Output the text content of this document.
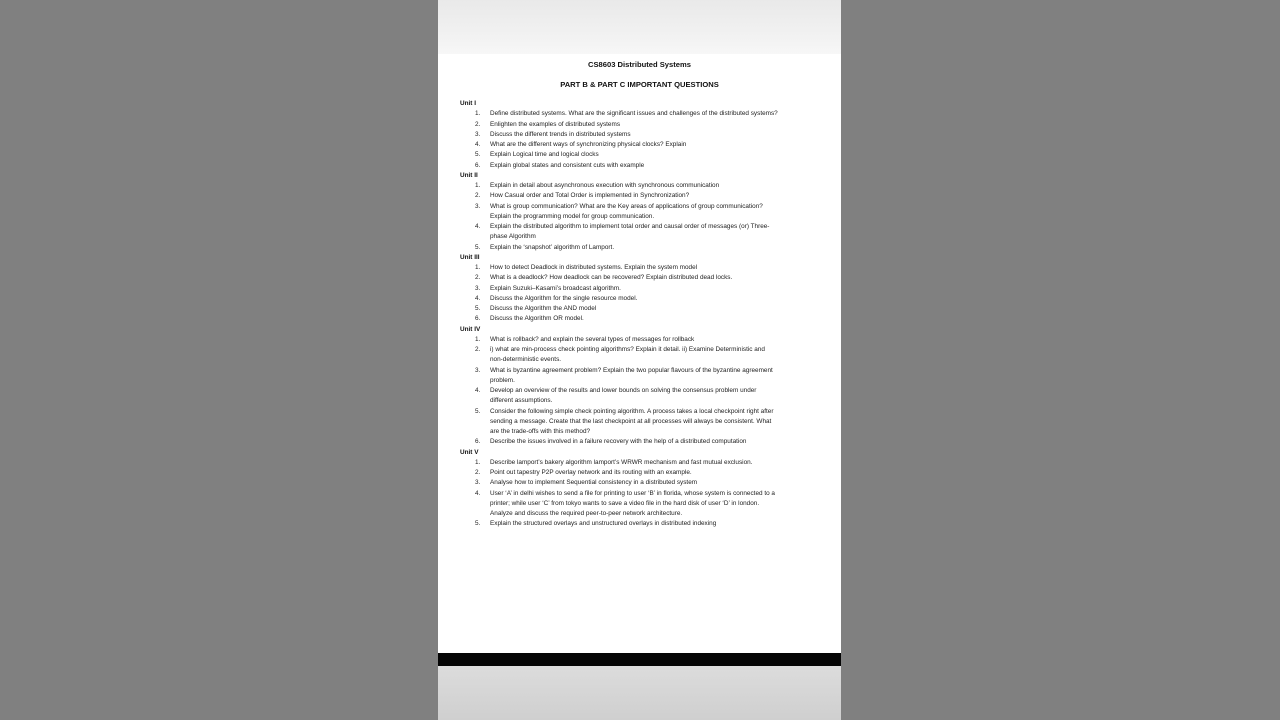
CS8603 Distributed Systems
PART B & PART C IMPORTANT QUESTIONS
Unit I
1. Define distributed systems. What are the significant issues and challenges of the distributed systems?
2. Enlighten the examples of distributed systems
3. Discuss the different trends in distributed systems
4. What are the different ways of synchronizing physical clocks? Explain
5. Explain Logical time and logical clocks
6. Explain global states and consistent cuts with example
Unit II
1. Explain in detail about asynchronous execution with synchronous communication
2. How Casual order and Total Order is implemented in Synchronization?
3. What is group communication? What are the Key areas of applications of group communication?
Explain the programming model for group communication.
4. Explain the distributed algorithm to implement total order and causal order of messages (or) Three-
phase Algorithm
5. Explain the ‘snapshot’ algorithm of Lamport.
Unit III
1. How to detect Deadlock in distributed systems. Explain the system model
2. What is a deadlock? How deadlock can be recovered? Explain distributed dead locks.
3. Explain Suzuki–Kasami’s broadcast algorithm.
4. Discuss the Algorithm for the single resource model.
5. Discuss the Algorithm the AND model
6. Discuss the Algorithm OR model.
Unit IV
1. What is rollback? and explain the several types of messages for rollback
2. i) what are min-process check pointing algorithms? Explain it detail. ii) Examine Deterministic and
non-deterministic events.
3. What is byzantine agreement problem? Explain the two popular flavours of the byzantine agreement
problem.
4. Develop an overview of the results and lower bounds on solving the consensus problem under
different assumptions.
5. Consider the following simple check pointing algorithm. A process takes a local checkpoint right after
sending a message. Create that the last checkpoint at all processes will always be consistent. What
are the trade-offs with this method?
6. Describe the issues involved in a failure recovery with the help of a distributed computation
Unit V
1. Describe lamport’s bakery algorithm lamport’s WRWR mechanism and fast mutual exclusion.
2. Point out tapestry P2P overlay network and its routing with an example.
3. Analyse how to implement Sequential consistency in a distributed system
4. User ‘A’ in delhi wishes to send a file for printing to user ‘B’ in florida, whose system is connected to a
printer; while user ‘C’ from tokyo wants to save a video file in the hard disk of user ‘D’ in london.
Analyze and discuss the required peer-to-peer network architecture.
5. Explain the structured overlays and unstructured overlays in distributed indexing
